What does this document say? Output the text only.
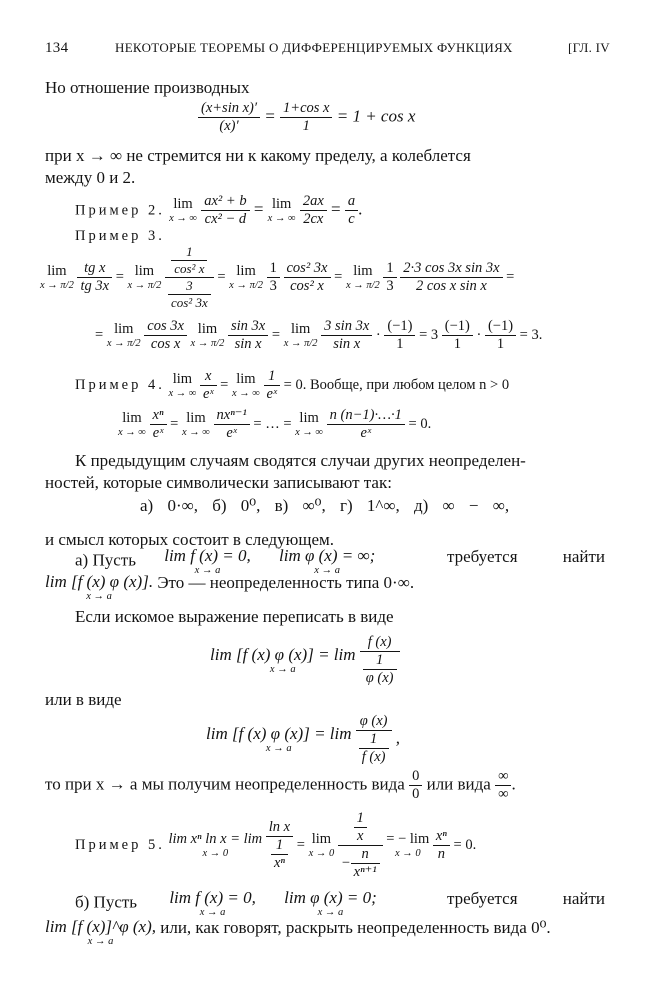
134	НЕКОТОРЫЕ ТЕОРЕМЫ О ДИФФЕРЕНЦИРУЕМЫХ ФУНКЦИЯХ	[ГЛ. IV
Но отношение производных
$\frac{\text{(x+sin x)′}}{(x)'} = \frac{\text{1+cos x}}{1} = 1 + \cos x$
при x → ∞ не стремится ни к какому пределу, а колеблется
между 0 и 2.
Пример 2. lim
x → ∞
$\frac{\text{ax² + b}}{\text{cx² − d}} = \lim$
x → ∞
$\frac{2ax}{2cx} = \frac{a}{c}$ .
Пример 3.
lim
x → π/2
$\frac{\text{tg x}}{tg 3x} = \lim$
x → π/2
$\frac{\frac{1}{\text{cos² x}}}{\frac{3}{\text{cos² 3x}}} = \lim$
x → π/2
$\frac{1}{3}$
$\frac{\text{cos² 3x}}{\text{cos² x}} = \lim$
x → π/2
$\frac{1}{3}$
$\frac{\text{2·3 cos 3x sin 3x}}{\text{2 cos x sin x}}$ =
= lim
x → π/2
$\frac{\cos 3x}{\text{cos x}}$
lim
x → π/2
$\frac{\sin 3x}{\text{sin x}} = \lim$
x → π/2
$\frac{3 \sin 3x}{\text{sin x}} \cdot \frac{(-1)}{1} = 3 \frac{(-1)}{1} \cdot \frac{(-1)}{1} = 3$.
Пример 4. lim
x → ∞
$\frac{x}{\text{eˣ}} = \lim$
x → ∞
$\frac{1}{\text{eˣ}} = 0$. Вообще, при любом целом n > 0
lim
x → ∞
$\frac{\text{xⁿ}}{\text{eˣ}} = \lim$
x → ∞
$\frac{\text{nxⁿ⁻¹}}{\text{eˣ}}$ = … = lim
x → ∞
$\frac{n (n-1)\cdot\dots\cdot 1}{\text{eˣ}} = 0$.
К предыдущим случаям сводятся случаи других неопределен-
ностей, которые символически записывают так:
а) 0·∞, б) 0⁰, в) ∞⁰, г) 1^∞, д) ∞ − ∞,
и смысл которых состоит в следующем.
а) Пусть lim f (x) = 0,
x → a

lim φ (x) = ∞;
x → a
требуется	найти
lim [f (x) φ (x)].
x → a
Это — неопределенность типа 0·∞.
Если искомое выражение переписать в виде
lim [f (x) φ (x)] = lim
x → a
	$\frac{f (x)}{\frac{1}{\varphi (x)}}$
или в виде
lim [f (x) φ (x)] = lim
x → a
	$\frac{\varphi (x)}{\frac{1}{f (x)}}$ ,
то при x → a мы получим неопределенность вида $\frac{0}{0}$ или вида $\frac{\infty}{\infty}$ .
Пример 5. lim xⁿ ln x = lim
x → 0
	$\frac{\text{ln x}}{\frac{1}{\text{xⁿ}}} = \lim$
x → 0
$\frac{\frac{1}{x}}{- \frac{n}{\text{xⁿ⁺¹}}}$
= − lim
x → 0
$\frac{\text{xⁿ}}{n} = 0$.
б) Пусть lim f (x) = 0,
x → a

lim φ (x) = 0;
x → a
требуется	найти
lim [f (x)]^φ (x),
x → a
или, как говорят, раскрыть неопределенность вида 0⁰.
